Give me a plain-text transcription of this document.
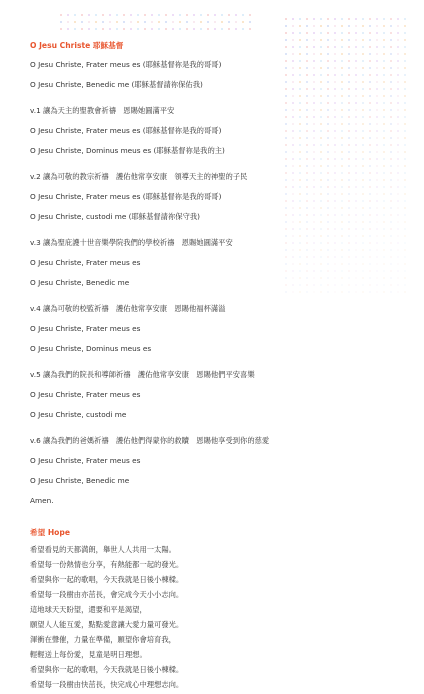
O Jesu Christe 耶穌基督
O Jesu Christe, Frater meus es (耶穌基督祢是我的哥哥)
O Jesu Christe, Benedic me (耶穌基督請祢保佑我)
v.1 讓為天主的聖教會祈禱　恩賜她圓滿平安
O Jesu Christe, Frater meus es (耶穌基督祢是我的哥哥)
O Jesu Christe, Dominus meus es (耶穌基督祢是我的主)
v.2 讓為可敬的教宗祈禱　護佑他常享安康　領導天主的神聖的子民
O Jesu Christe, Frater meus es (耶穌基督祢是我的哥哥)
O Jesu Christe, custodi me (耶穌基督請祢保守我)
v.3 讓為聖庇護十世音樂學院我們的學校祈禱　恩賜她圓滿平安
O Jesu Christe, Frater meus es
O Jesu Christe, Benedic me
v.4 讓為可敬的校監祈禱　護佑他常享安康　恩賜他福杯滿溢
O Jesu Christe, Frater meus es
O Jesu Christe, Dominus meus es
v.5 讓為我們的院長和導師祈禱　護佑他常享安康　恩賜他們平安喜樂
O Jesu Christe, Frater meus es
O Jesu Christe, custodi me
v.6 讓為我們的爸媽祈禱　護佑他們得蒙你的救贖　恩賜他享受到你的慈愛
O Jesu Christe, Frater meus es
O Jesu Christe, Benedic me
Amen.
希望 Hope
希望看見的天都満朗，舉世人人共用一太陽。
希望每一份熱情也分享，有熱能都一起的發光。
希望與你一起的歌唱，今天我就是日後小棟樑。
希望每一段樹由亦茁長，會完成今天小小志向。
這地球天天盼望，還要和平是渴望，
願望人人能互愛，點點愛意讓大愛力量可發光。
渾衝在聲催，力量在準備，願望你會培育我，
輕輕送上每份愛，見童是明日理想。
希望與你一起的歌唱，今天我就是日後小棟樑。
希望每一段樹由快茁長，快完成心中理想志向。
